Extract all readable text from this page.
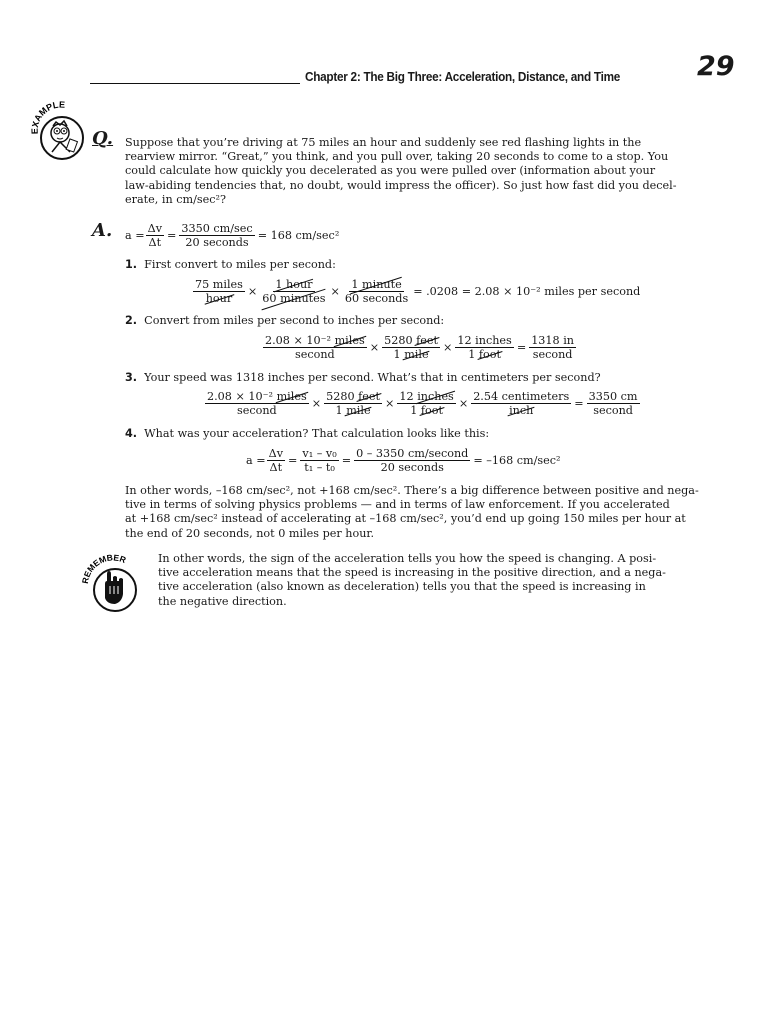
Chapter 2: The Big Three: Acceleration, Distance, and Time	29
EXAMPLE
Q. Suppose that you’re driving at 75 miles an hour and suddenly see red flashing lights in the
rearview mirror. “Great,” you think, and you pull over, taking 20 seconds to come to a stop. You
could calculate how quickly you decelerated as you were pulled over (information about your
law-abiding tendencies that, no doubt, would impress the officer). So just how fast did you decel-
erate, in cm/sec²?
A. $a = \frac{\Delta v}{\Delta t} = \frac{3350 cm/\sec}{\text{20 seconds}} = 168$ cm/sec²
1. First convert to miles per second:
$\frac{\text{75 miles}}{\text{hour}} \times \frac{\text{1 hour}}{\text{60 minutes}} \times \frac{\text{1 minute}}{\text{60 seconds}} = .0208 = 2.08 \times 10^{-2}$ miles per second
2. Convert from miles per second to inches per second:
$\frac{\text{2.08 × 10⁻² miles}}{\text{second}} \times \frac{\text{5280 feet}}{\text{1 mile}} \times \frac{\text{12 inches}}{\text{1 foot}} = \frac{1318 in}{\text{second}}$
3. Your speed was 1318 inches per second. What’s that in centimeters per second?
$\frac{\text{2.08 × 10⁻² miles}}{\text{second}} \times \frac{\text{5280 feet}}{\text{1 mile}} \times \frac{\text{12 inches}}{\text{1 foot}} \times \frac{\text{2.54 centimeters}}{\text{inch}} = \frac{3350 cm}{\text{second}}$
4. What was your acceleration? That calculation looks like this:
$a = \frac{\Delta v}{\Delta t} = \frac{\text{v₁ – v₀}}{\text{t₁ – t₀}} = \frac{\text{0 – 3350 cm/second}}{\text{20 seconds}} = -168$ cm/sec²
In other words, –168 cm/sec², not +168 cm/sec². There’s a big difference between positive and nega-
tive in terms of solving physics problems — and in terms of law enforcement. If you accelerated
at +168 cm/sec² instead of accelerating at –168 cm/sec², you’d end up going 150 miles per hour at
the end of 20 seconds, not 0 miles per hour.
REMEMBER	In other words, the sign of the acceleration tells you how the speed is changing. A posi-
tive acceleration means that the speed is increasing in the positive direction, and a nega-
tive acceleration (also known as deceleration) tells you that the speed is increasing in
the negative direction.
